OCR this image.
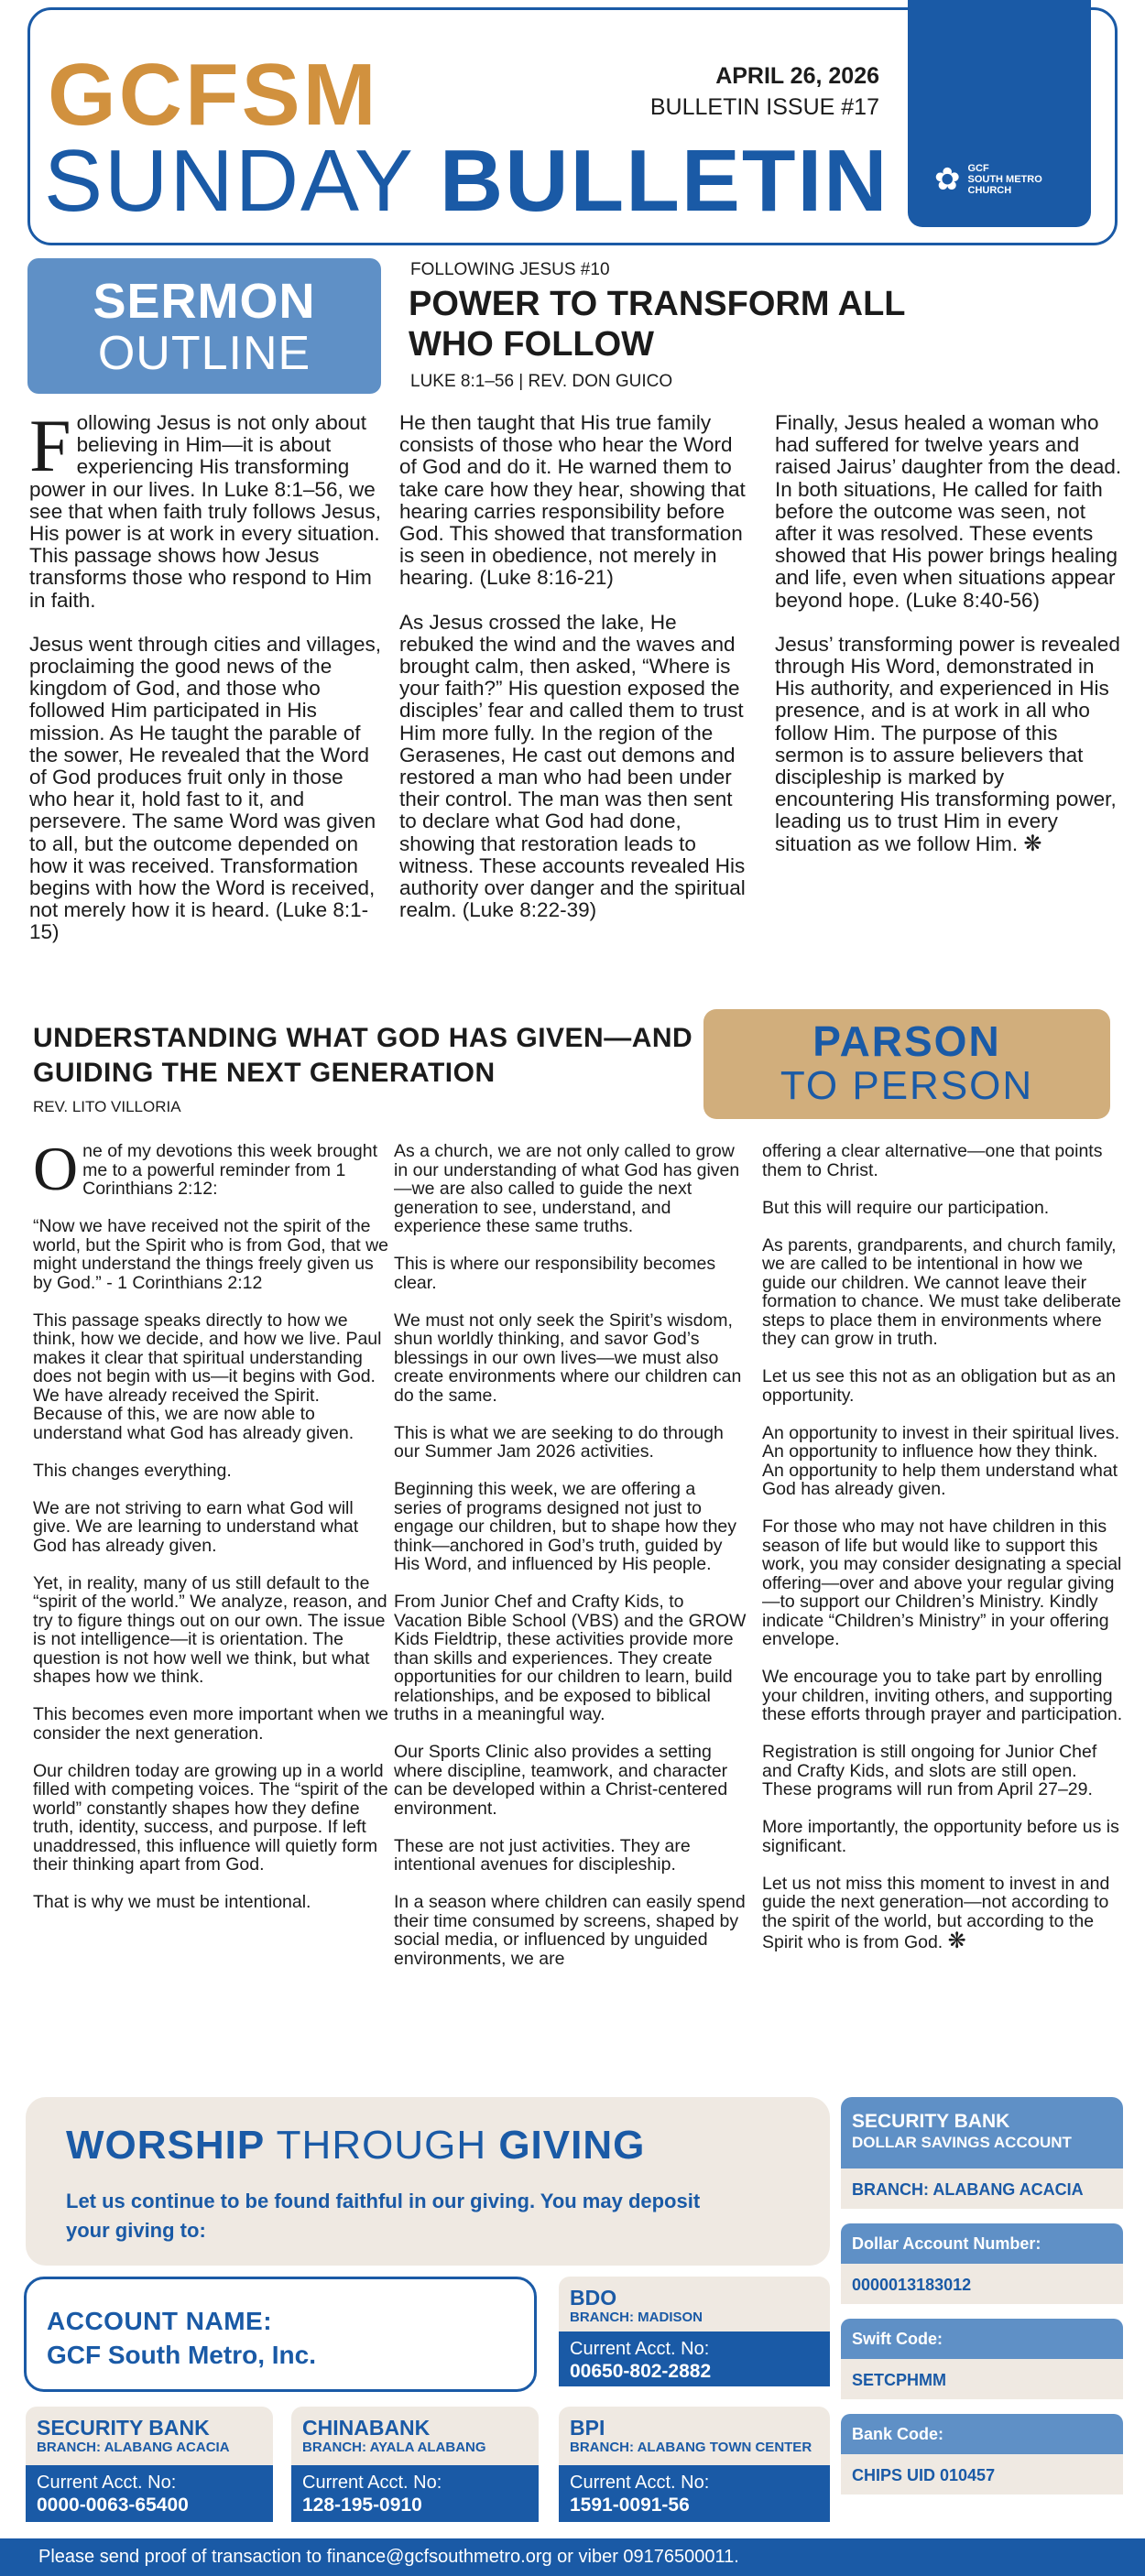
✿ GCF
SOUTH METRO
CHURCH
GCFSM
SUNDAY BULLETIN
APRIL 26, 2026
BULLETIN ISSUE #17
SERMON
OUTLINE
FOLLOWING JESUS #10
POWER TO TRANSFORM ALL WHO FOLLOW
LUKE 8:1–56 | REV. DON GUICO

Following Jesus is not only about believing in Him—it is about experiencing His transforming power in our lives. In Luke 8:1–56, we see that when faith truly follows Jesus, His power is at work in every situation. This passage shows how Jesus transforms those who respond to Him in faith.

Jesus went through cities and villages, proclaiming the good news of the kingdom of God, and those who followed Him participated in His mission. As He taught the parable of the sower, He revealed that the Word of God produces fruit only in those who hear it, hold fast to it, and persevere. The same Word was given to all, but the outcome depended on how it was received. Transformation begins with how the Word is received, not merely how it is heard. (Luke 8:1-15)

He then taught that His true family consists of those who hear the Word of God and do it. He warned them to take care how they hear, showing that hearing carries responsibility before God. This showed that transformation is seen in obedience, not merely in hearing. (Luke 8:16-21)

As Jesus crossed the lake, He rebuked the wind and the waves and brought calm, then asked, “Where is your faith?” His question exposed the disciples’ fear and called them to trust Him more fully. In the region of the Gerasenes, He cast out demons and restored a man who had been under their control. The man was then sent to declare what God had done, showing that restoration leads to witness. These accounts revealed His authority over danger and the spiritual realm. (Luke 8:22-39)

Finally, Jesus healed a woman who had suffered for twelve years and raised Jairus’ daughter from the dead. In both situations, He called for faith before the outcome was seen, not after it was resolved. These events showed that His power brings healing and life, even when situations appear beyond hope. (Luke 8:40-56)

Jesus’ transforming power is revealed through His Word, demonstrated in His authority, and experienced in His presence, and is at work in all who follow Him. The purpose of this sermon is to assure believers that discipleship is marked by encountering His transforming power, leading us to trust Him in every situation as we follow Him. ❋

UNDERSTANDING WHAT GOD HAS GIVEN—AND GUIDING THE NEXT GENERATION
REV. LITO VILLORIA
PARSON
TO PERSON

One of my devotions this week brought me to a powerful reminder from 1 Corinthians 2:12:

“Now we have received not the spirit of the world, but the Spirit who is from God, that we might understand the things freely given us by God.” - 1 Corinthians 2:12

This passage speaks directly to how we think, how we decide, and how we live. Paul makes it clear that spiritual understanding does not begin with us—it begins with God. We have already received the Spirit. Because of this, we are now able to understand what God has already given.

This changes everything.

We are not striving to earn what God will give. We are learning to understand what God has already given.

Yet, in reality, many of us still default to the “spirit of the world.” We analyze, reason, and try to figure things out on our own. The issue is not intelligence—it is orientation. The question is not how well we think, but what shapes how we think.

This becomes even more important when we consider the next generation.

Our children today are growing up in a world filled with competing voices. The “spirit of the world” constantly shapes how they define truth, identity, success, and purpose. If left unaddressed, this influence will quietly form their thinking apart from God.

That is why we must be intentional.

As a church, we are not only called to grow in our understanding of what God has given—we are also called to guide the next generation to see, understand, and experience these same truths.

This is where our responsibility becomes clear.

We must not only seek the Spirit’s wisdom, shun worldly thinking, and savor God’s blessings in our own lives—we must also create environments where our children can do the same.

This is what we are seeking to do through our Summer Jam 2026 activities.

Beginning this week, we are offering a series of programs designed not just to engage our children, but to shape how they think—anchored in God’s truth, guided by His Word, and influenced by His people.

From Junior Chef and Crafty Kids, to Vacation Bible School (VBS) and the GROW Kids Fieldtrip, these activities provide more than skills and experiences. They create opportunities for our children to learn, build relationships, and be exposed to biblical truths in a meaningful way.

Our Sports Clinic also provides a setting where discipline, teamwork, and character can be developed within a Christ-centered environment.

These are not just activities. They are intentional avenues for discipleship.

In a season where children can easily spend their time consumed by screens, shaped by social media, or influenced by unguided environments, we are

offering a clear alternative—one that points them to Christ.

But this will require our participation.

As parents, grandparents, and church family, we are called to be intentional in how we guide our children. We cannot leave their formation to chance. We must take deliberate steps to place them in environments where they can grow in truth.

Let us see this not as an obligation but as an opportunity.

An opportunity to invest in their spiritual lives.
An opportunity to influence how they think.
An opportunity to help them understand what God has already given.

For those who may not have children in this season of life but would like to support this work, you may consider designating a special offering—over and above your regular giving—to support our Children’s Ministry. Kindly indicate “Children’s Ministry” in your offering envelope.

We encourage you to take part by enrolling your children, inviting others, and supporting these efforts through prayer and participation.

Registration is still ongoing for Junior Chef and Crafty Kids, and slots are still open. These programs will run from April 27–29.

More importantly, the opportunity before us is significant.

Let us not miss this moment to invest in and guide the next generation—not according to the spirit of the world, but according to the Spirit who is from God. ❋

WORSHIP THROUGH GIVING
Let us continue to be found faithful in our giving. You may deposit your giving to:
ACCOUNT NAME:
GCF South Metro, Inc.
BDO
BRANCH: MADISON
Current Acct. No:
00650-802-2882
SECURITY BANK
BRANCH: ALABANG ACACIA
Current Acct. No:
0000-0063-65400
CHINABANK
BRANCH: AYALA ALABANG
Current Acct. No:
128-195-0910
BPI
BRANCH: ALABANG TOWN CENTER
Current Acct. No:
1591-0091-56
SECURITY BANK
DOLLAR SAVINGS ACCOUNT
BRANCH: ALABANG ACACIA
Dollar Account Number:
0000013183012
Swift Code:
SETCPHMM
Bank Code:
CHIPS UID 010457
Please send proof of transaction to finance@gcfsouthmetro.org or viber 09176500011.
